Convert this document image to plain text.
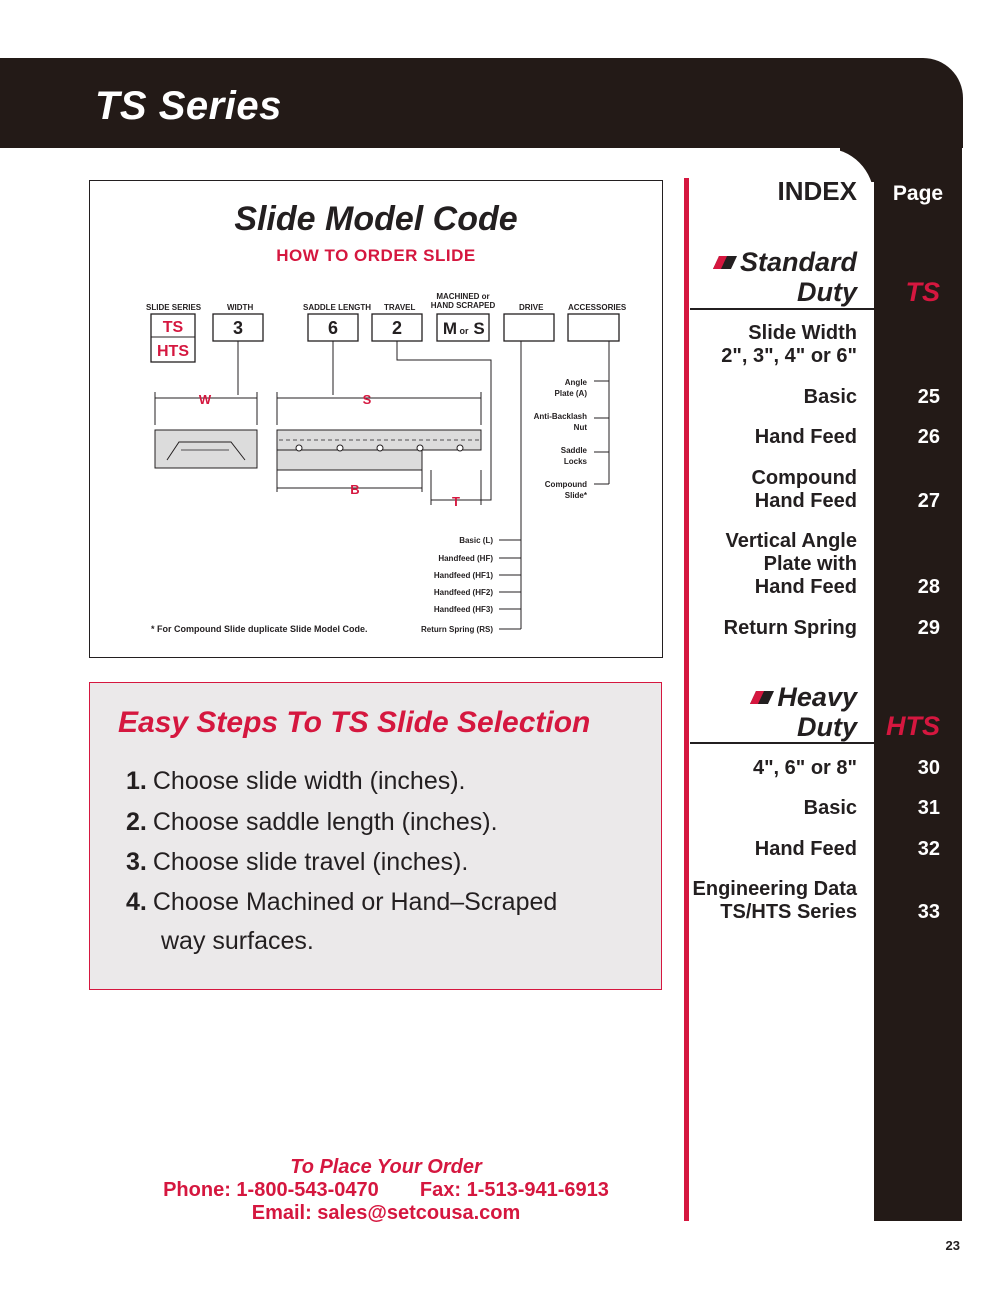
TS Series
Slide Model Code
HOW TO ORDER SLIDE
SLIDE SERIES	WIDTH	SADDLE LENGTH TRAVEL
MACHINED or
HAND SCRAPED	DRIVE	ACCESSORIES
TS
HTS
3	6	2 M or S
W	S
B
T
Angle
Plate (A)
Anti-Backlash
Nut
Saddle
Locks
Compound
Slide*
Basic (L)
Handfeed (HF)
Handfeed (HF1)
Handfeed (HF2)
Handfeed (HF3)
Return Spring (RS)
* For Compound Slide duplicate Slide Model Code.
Easy Steps To TS Slide Selection
1. Choose slide width (inches).
2. Choose saddle length (inches).
3. Choose slide travel (inches).
4. Choose Machined or Hand–Scraped
way surfaces.
To Place Your Order
Phone: 1-800-543-0470 Fax: 1-513-941-6913
Email: sales@setcousa.com
INDEX	Page
Standard
Duty	TS
Slide Width
2", 3", 4" or 6"
Basic	25
Hand Feed	26
Compound
Hand Feed	27
Vertical Angle
Plate with
Hand Feed	28
Return Spring	29
Heavy
Duty	HTS
4", 6" or 8"	30
Basic	31
Hand Feed	32
Engineering Data
TS/HTS Series	33
23
